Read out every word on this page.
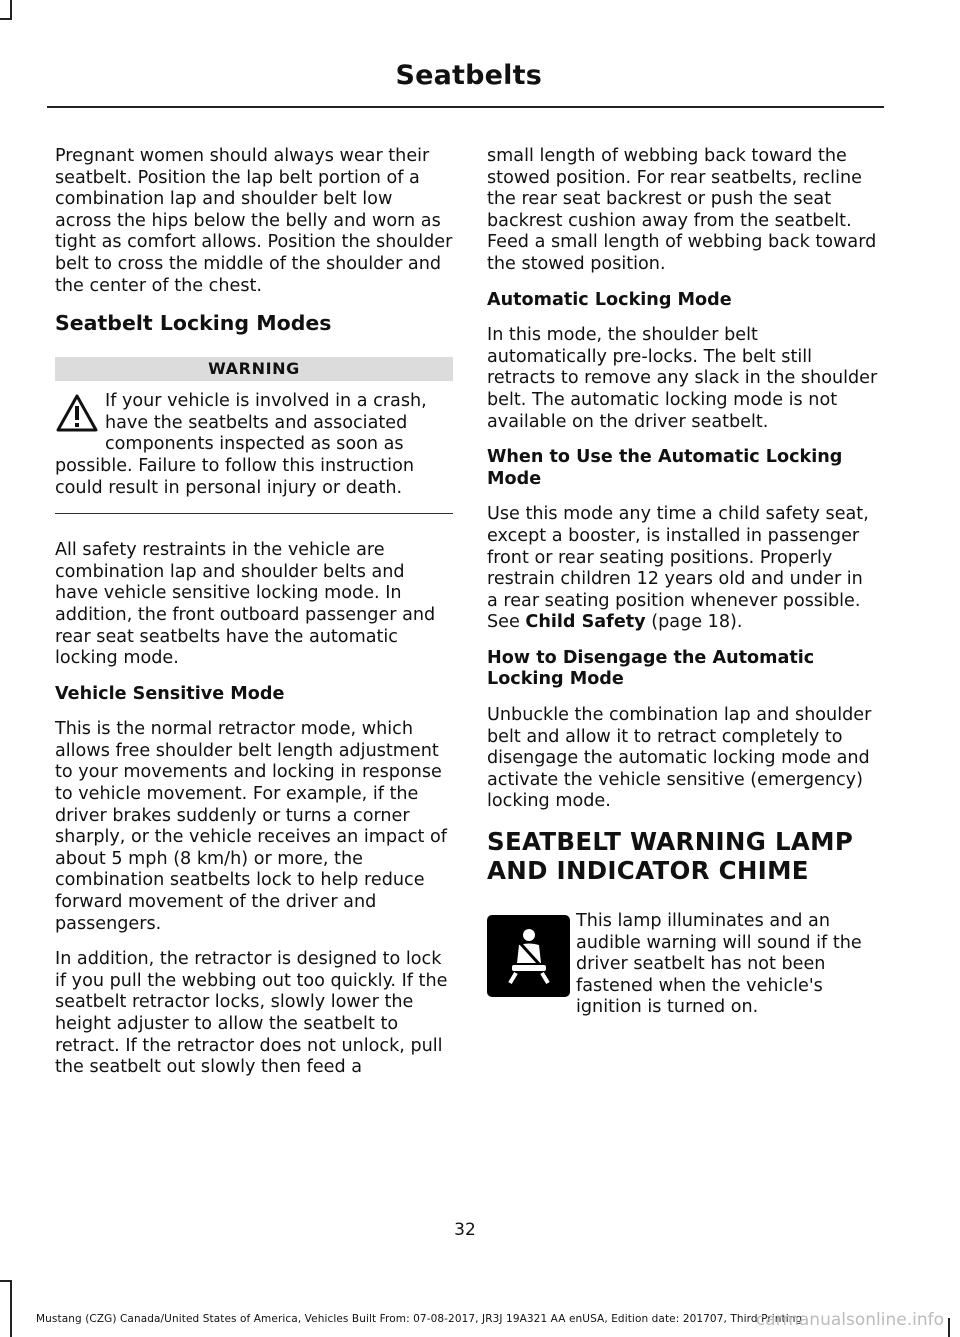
Seatbelts

Pregnant women should always wear their seatbelt. Position the lap belt portion of a combination lap and shoulder belt low across the hips below the belly and worn as tight as comfort allows. Position the shoulder belt to cross the middle of the shoulder and the center of the chest.

Seatbelt Locking Modes
WARNING

If your vehicle is involved in a crash, have the seatbelts and associated components inspected as soon as possible. Failure to follow this instruction could result in personal injury or death.

All safety restraints in the vehicle are combination lap and shoulder belts and have vehicle sensitive locking mode. In addition, the front outboard passenger and rear seat seatbelts have the automatic locking mode.

Vehicle Sensitive Mode

This is the normal retractor mode, which allows free shoulder belt length adjustment to your movements and locking in response to vehicle movement. For example, if the driver brakes suddenly or turns a corner sharply, or the vehicle receives an impact of about 5 mph (8 km/h) or more, the combination seatbelts lock to help reduce forward movement of the driver and passengers.

In addition, the retractor is designed to lock if you pull the webbing out too quickly. If the seatbelt retractor locks, slowly lower the height adjuster to allow the seatbelt to retract. If the retractor does not unlock, pull the seatbelt out slowly then feed a

small length of webbing back toward the stowed position. For rear seatbelts, recline the rear seat backrest or push the seat backrest cushion away from the seatbelt. Feed a small length of webbing back toward the stowed position.

Automatic Locking Mode

In this mode, the shoulder belt automatically pre-locks. The belt still retracts to remove any slack in the shoulder belt. The automatic locking mode is not available on the driver seatbelt.

When to Use the Automatic Locking Mode

Use this mode any time a child safety seat, except a booster, is installed in passenger front or rear seating positions. Properly restrain children 12 years old and under in a rear seating position whenever possible. See Child Safety (page 18).

How to Disengage the Automatic Locking Mode

Unbuckle the combination lap and shoulder belt and allow it to retract completely to disengage the automatic locking mode and activate the vehicle sensitive (emergency) locking mode.

SEATBELT WARNING LAMP
AND INDICATOR CHIME

This lamp illuminates and an audible warning will sound if the driver seatbelt has not been fastened when the vehicle's ignition is turned on.

32
Mustang (CZG) Canada/United States of America, Vehicles Built From: 07-08-2017, JR3J 19A321 AA enUSA, Edition date: 201707, Third Printing
carmanualsonline.info
